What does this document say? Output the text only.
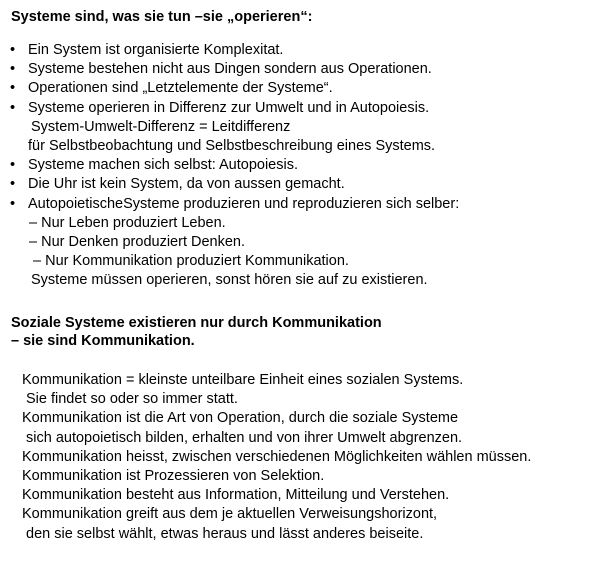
Systeme sind, was sie tun –sie „operieren“:
• Ein System ist organisierte Komplexitat.
• Systeme bestehen nicht aus Dingen sondern aus Operationen.
• Operationen sind „Letztelemente der Systeme“.
• Systeme operieren in Differenz zur Umwelt und in Autopoiesis.
System-Umwelt-Differenz = Leitdifferenz
für Selbstbeobachtung und Selbstbeschreibung eines Systems.
• Systeme machen sich selbst: Autopoiesis.
• Die Uhr ist kein System, da von aussen gemacht.
• AutopoietischeSysteme produzieren und reproduzieren sich selber:
– Nur Leben produziert Leben.
– Nur Denken produziert Denken.
– Nur Kommunikation produziert Kommunikation.
Systeme müssen operieren, sonst hören sie auf zu existieren.
Soziale Systeme existieren nur durch Kommunikation
– sie sind Kommunikation.
Kommunikation = kleinste unteilbare Einheit eines sozialen Systems.
Sie findet so oder so immer statt.
Kommunikation ist die Art von Operation, durch die soziale Systeme
sich autopoietisch bilden, erhalten und von ihrer Umwelt abgrenzen.
Kommunikation heisst, zwischen verschiedenen Möglichkeiten wählen müssen.
Kommunikation ist Prozessieren von Selektion.
Kommunikation besteht aus Information, Mitteilung und Verstehen.
Kommunikation greift aus dem je aktuellen Verweisungshorizont,
den sie selbst wählt, etwas heraus und lässt anderes beiseite.
